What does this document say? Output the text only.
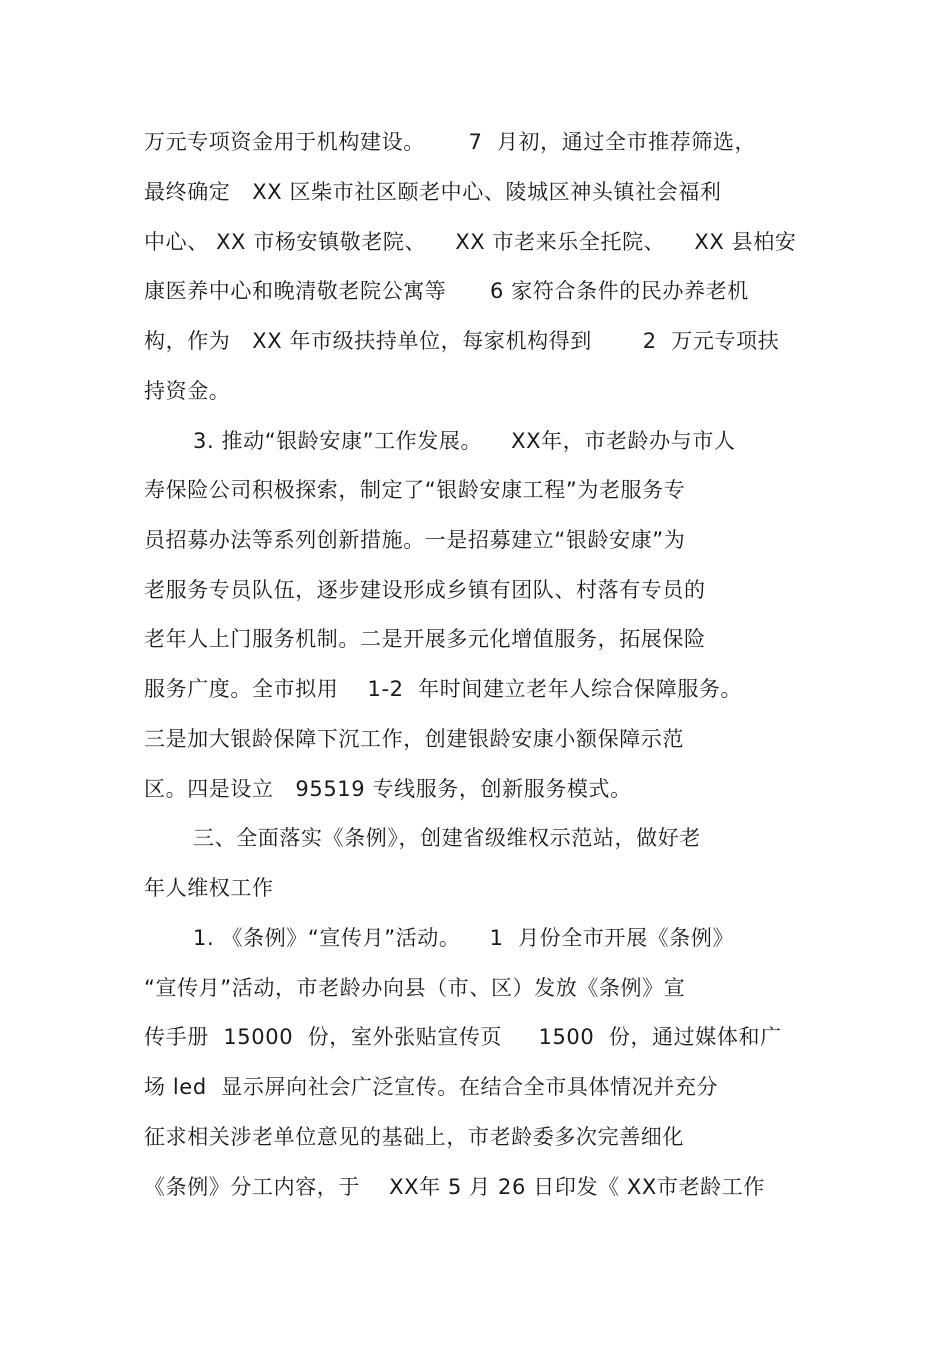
万元专项资金用于机构建设。      7  月初，通过全市推荐筛选，
最终确定   XX 区柴市社区颐老中心、陵城区神头镇社会福利
中心、 XX 市杨安镇敬老院、    XX 市老来乐全托院、    XX 县柏安
康医养中心和晚清敬老院公寓等      6 家符合条件的民办养老机
构，作为   XX 年市级扶持单位，每家机构得到       2  万元专项扶
持资金。
3. 推动“银龄安康”工作发展。    XX年，市老龄办与市人
寿保险公司积极探索，制定了“银龄安康工程”为老服务专
员招募办法等系列创新措施。一是招募建立“银龄安康”为
老服务专员队伍，逐步建设形成乡镇有团队、村落有专员的
老年人上门服务机制。二是开展多元化增值服务，拓展保险
服务广度。全市拟用    1-2  年时间建立老年人综合保障服务。
三是加大银龄保障下沉工作，创建银龄安康小额保障示范
区。四是设立   95519 专线服务，创新服务模式。
三、全面落实《条例》，创建省级维权示范站，做好老
年人维权工作
1. 《条例》“宣传月”活动。    1  月份全市开展《条例》
“宣传月”活动，市老龄办向县（市、区）发放《条例》宣
传手册  15000  份，室外张贴宣传页     1500  份，通过媒体和广
场 led  显示屏向社会广泛宣传。在结合全市具体情况并充分
征求相关涉老单位意见的基础上，市老龄委多次完善细化
《条例》分工内容，于    XX年 5 月 26 日印发《 XX市老龄工作
